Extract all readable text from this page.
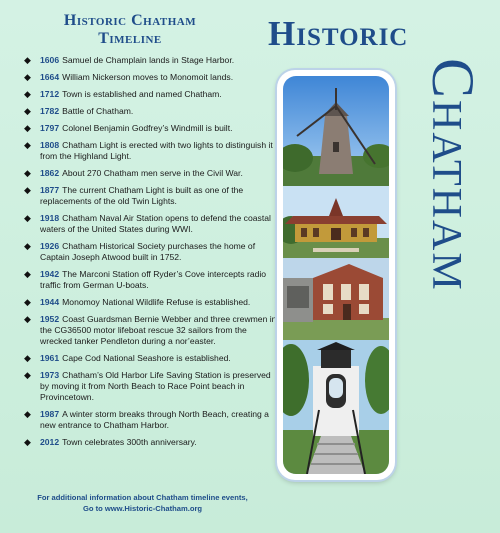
Historic Chatham
Timeline
◆	1606 Samuel de Champlain lands in Stage Harbor.
◆	1664 William Nickerson moves to Monomoit lands.
◆	1712 Town is established and named Chatham.
◆	1782 Battle of Chatham.
◆	1797 Colonel Benjamin Godfrey’s Windmill is built.
◆	1808 Chatham Light is erected with two lights to distinguish it from the Highland Light.
◆	1862 About 270 Chatham men serve in the Civil War.
◆	1877 The current Chatham Light is built as one of the replacements of the old Twin Lights.
◆	1918 Chatham Naval Air Station opens to defend the coastal waters of the United States during WWI.
◆	1926 Chatham Historical Society purchases the home of Captain Joseph Atwood built in 1752.
◆	1942 The Marconi Station off Ryder’s Cove intercepts radio traffic from German U-boats.
◆	1944 Monomoy National Wildlife Refuse is established.
◆	1952 Coast Guardsman Bernie Webber and three crewmen in the CG36500 motor lifeboat rescue 32 sailors from the wrecked tanker Pendleton during a nor’easter.
◆	1961 Cape Cod National Seashore is established.
◆	1973 Chatham’s Old Harbor Life Saving Station is preserved by moving it from North Beach to Race Point beach in Provincetown.
◆	1987 A winter storm breaks through North Beach, creating a new entrance to Chatham Harbor.
◆	2012 Town celebrates 300th anniversary.
For additional information about Chatham timeline events,
Go to www.Historic-Chatham.org
Historic
Chatham
